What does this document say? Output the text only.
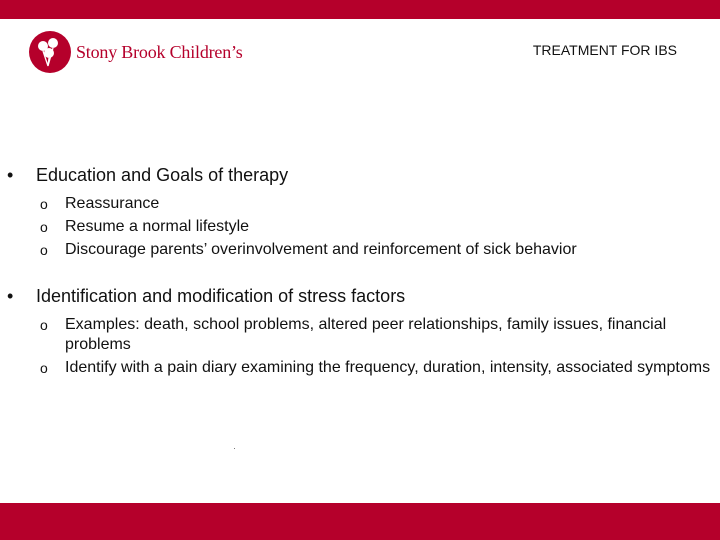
Stony Brook Children’s	TREATMENT FOR IBS
• Education and Goals of therapy
o Reassurance
o Resume a normal lifestyle
o Discourage parents’ overinvolvement and reinforcement of sick behavior
• Identification and modification of stress factors
o Examples: death, school problems, altered peer relationships, family issues, financial problems
o Identify with a pain diary examining the frequency, duration, intensity, associated symptoms
